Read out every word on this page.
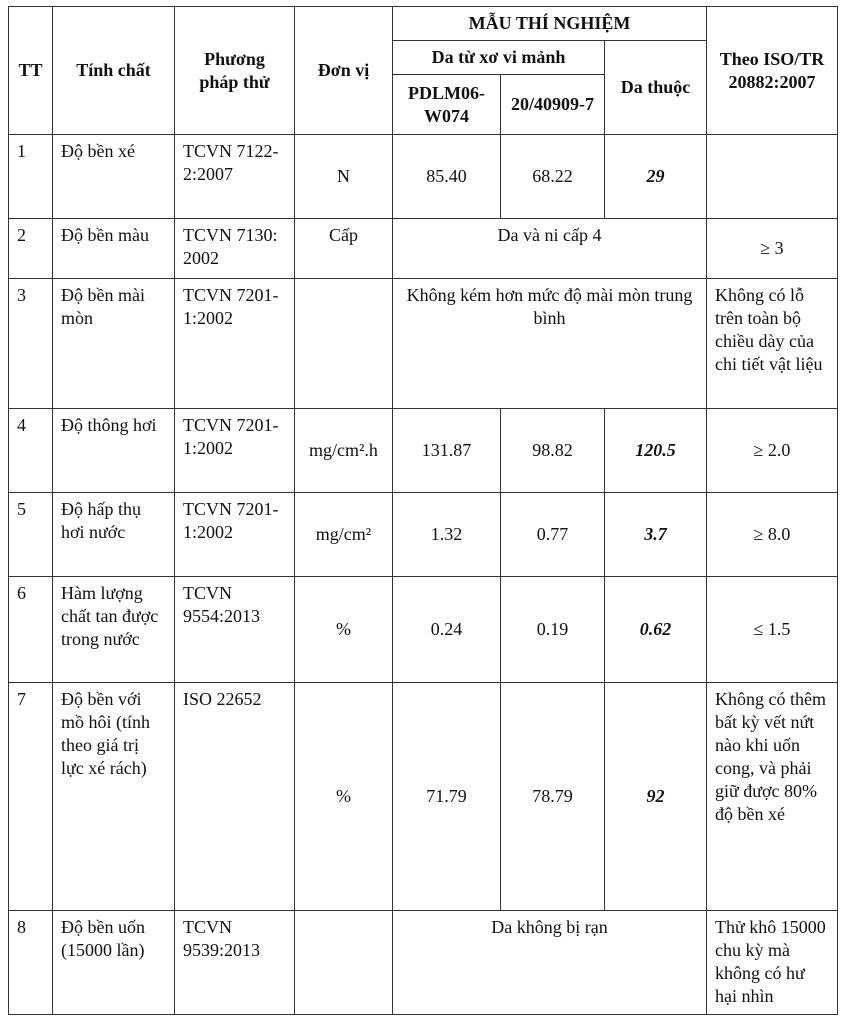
TT	Tính chất	Phương pháp thử	Đơn vị	MẪU THÍ NGHIỆM			Theo ISO/TR 20882:2007
				Da từ xơ vi mảnh		Da thuộc	
				PDLM06-W074	20/40909-7		
1	Độ bền xé	TCVN 7122-2:2007	N	85.40	68.22	29	
2	Độ bền màu	TCVN 7130: 2002	Cấp	Da và ni cấp 4			≥ 3
3	Độ bền mài mòn	TCVN 7201-1:2002		Không kém hơn mức độ mài mòn trung bình			Không có lỗ trên toàn bộ chiều dày của chi tiết vật liệu
4	Độ thông hơi	TCVN 7201-1:2002	mg/cm².h	131.87	98.82	120.5	≥ 2.0
5	Độ hấp thụ hơi nước	TCVN 7201-1:2002	mg/cm²	1.32	0.77	3.7	≥ 8.0
6	Hàm lượng chất tan được trong nước	TCVN 9554:2013	%	0.24	0.19	0.62	≤ 1.5
7	Độ bền với mồ hôi (tính theo giá trị lực xé rách)	ISO 22652	%	71.79	78.79	92	Không có thêm bất kỳ vết nứt nào khi uốn cong, và phải giữ được 80% độ bền xé
8	Độ bền uốn (15000 lần)	TCVN 9539:2013		Da không bị rạn			Thử khô 15000 chu kỳ mà không có hư hại nhìn
